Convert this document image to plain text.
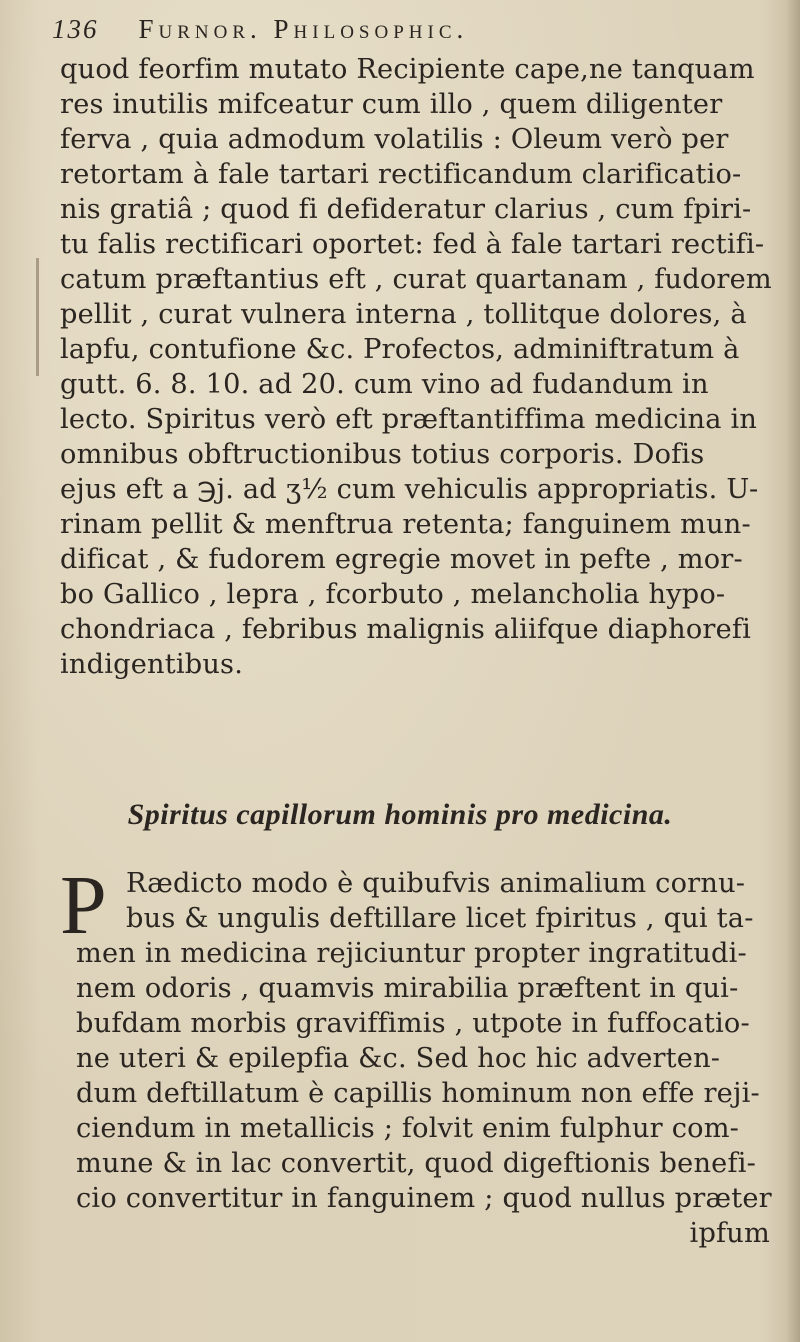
136 Furnor. Philosophic.
quod feorfim mutato Recipiente cape,ne tanquam
res inutilis mifceatur cum illo , quem diligenter
ferva , quia admodum volatilis : Oleum verò per
retortam à fale tartari rectificandum clarificatio-
nis gratiâ ; quod fi defideratur clarius , cum fpiri-
tu falis rectificari oportet: fed à fale tartari rectifi-
catum præftantius eft , curat quartanam , fudorem
pellit , curat vulnera interna , tollitque dolores, à
lapfu, contufione &c. Profectos, adminiftratum à
gutt. 6. 8. 10. ad 20. cum vino ad fudandum in
lecto. Spiritus verò eft præftantiffima medicina in
omnibus obftructionibus totius corporis. Dofis
ejus eft a ℈j. ad ʒ½ cum vehiculis appropriatis. U-
rinam pellit & menftrua retenta; fanguinem mun-
dificat , & fudorem egregie movet in pefte , mor-
bo Gallico , lepra , fcorbuto , melancholia hypo-
chondriaca , febribus malignis aliifque diaphorefi
indigentibus.
Spiritus capillorum hominis pro medicina.
P Rædicto modo è quibufvis animalium cornu-
bus & ungulis deftillare licet fpiritus , qui ta-
men in medicina rejiciuntur propter ingratitudi-
nem odoris , quamvis mirabilia præftent in qui-
bufdam morbis graviffimis , utpote in fuffocatio-
ne uteri & epilepfia &c. Sed hoc hic adverten-
dum deftillatum è capillis hominum non effe reji-
ciendum in metallicis ; folvit enim fulphur com-
mune & in lac convertit, quod digeftionis benefi-
cio convertitur in fanguinem ; quod nullus præter
ipfum
